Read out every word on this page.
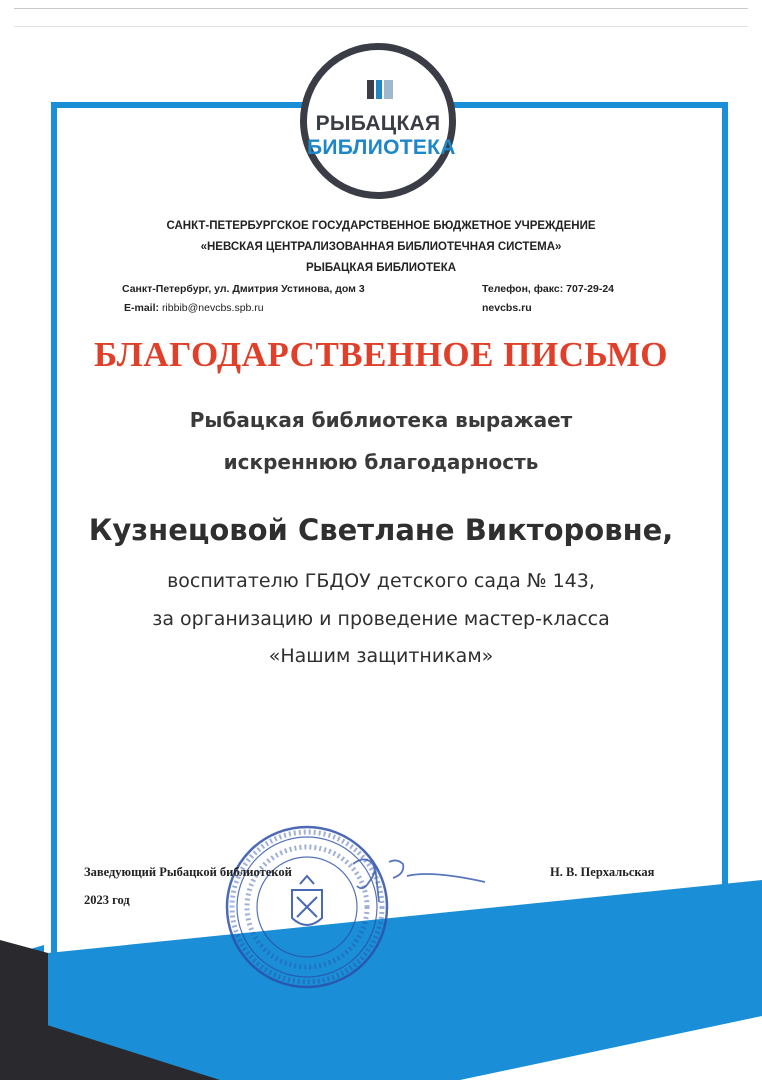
РЫБАЦКАЯ
БИБЛИОТЕКА
САНКТ-ПЕТЕРБУРГСКОЕ ГОСУДАРСТВЕННОЕ БЮДЖЕТНОЕ УЧРЕЖДЕНИЕ
«НЕВСКАЯ ЦЕНТРАЛИЗОВАННАЯ БИБЛИОТЕЧНАЯ СИСТЕМА»
РЫБАЦКАЯ БИБЛИОТЕКА
Санкт-Петербург, ул. Дмитрия Устинова, дом 3
E-mail: ribbib@nevcbs.spb.ru
Телефон, факс: 707-29-24
nevcbs.ru
БЛАГОДАРСТВЕННОЕ ПИСЬМО
Рыбацкая библиотека выражает
искреннюю благодарность
Кузнецовой Светлане Викторовне,
воспитателю ГБДОУ детского сада № 143,
за организацию и проведение мастер-класса
«Нашим защитникам»
Заведующий Рыбацкой библиотекой
2023 год
Н. В. Перхальская
